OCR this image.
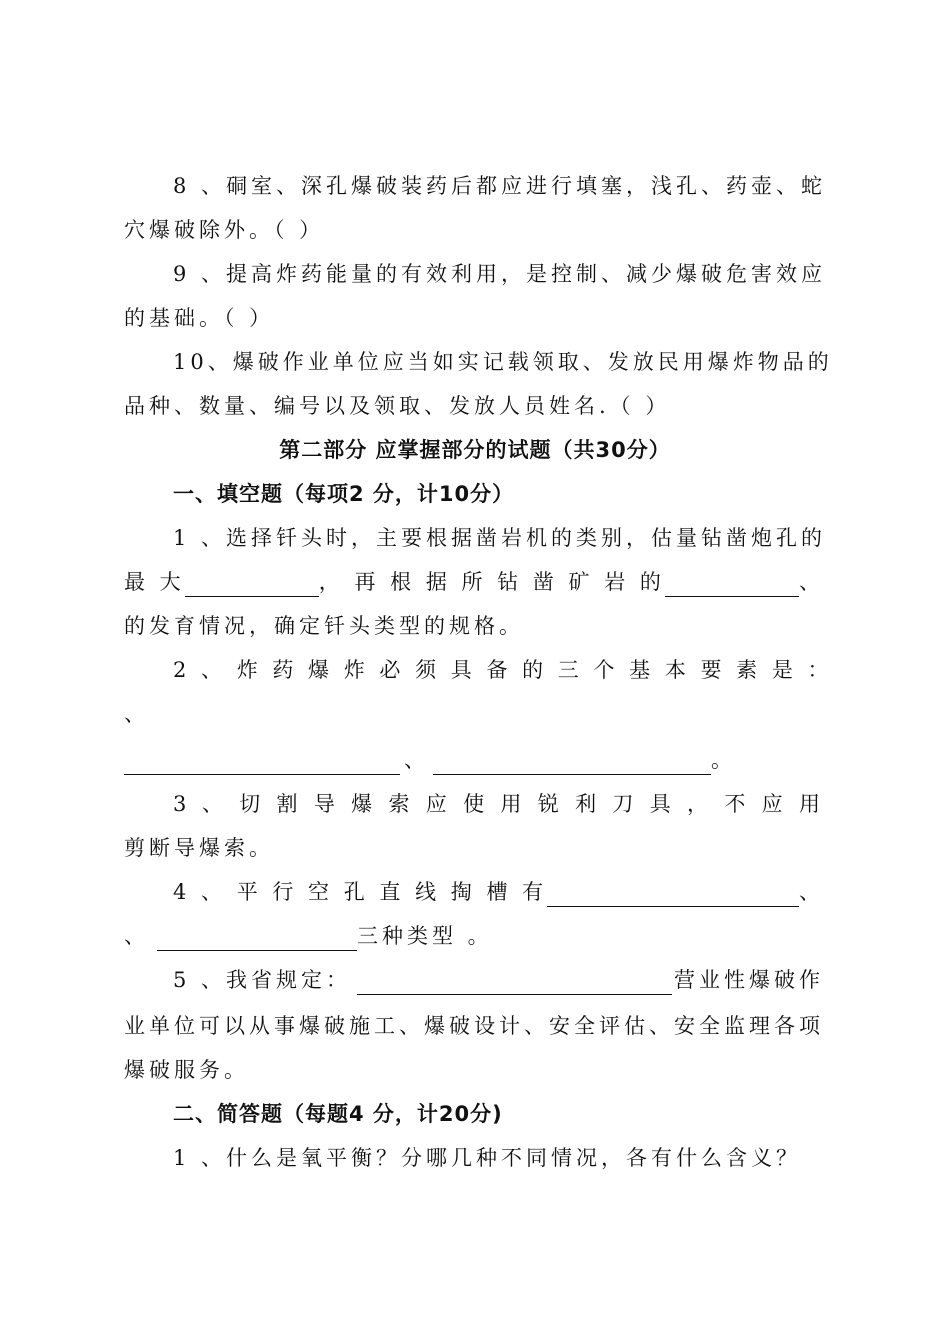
8 、硐室、深孔爆破装药后都应进行填塞，浅孔、药壶、蛇
穴爆破除外。（ ）
9 、提高炸药能量的有效利用，是控制、减少爆破危害效应
的基础。（ ）
10、爆破作业单位应当如实记载领取、发放民用爆炸物品的
品种、数量、编号以及领取、发放人员姓名.（ ）
第二部分 应掌握部分的试题（共30分）
一、填空题（每项2 分，计10分）
1 、选择钎头时，主要根据凿岩机的类别，估量钻凿炮孔的
最 大	， 再 根 据 所 钻 凿 矿 岩 的	、
的发育情况，确定钎头类型的规格。
2 、 炸 药 爆 炸 必 须 具 备 的 三 个 基 本 要 素 是 ：
、
、	。
3 、 切 割 导 爆 索 应 使 用 锐 利 刀 具 ， 不 应 用
剪断导爆索。
4 、 平 行 空 孔 直 线 掏 槽 有	、
、	三种类型 。
5 、我省规定：	营业性爆破作
业单位可以从事爆破施工、爆破设计、安全评估、安全监理各项
爆破服务。
二、简答题（每题4 分，计20分)
1 、什么是氧平衡？分哪几种不同情况，各有什么含义？
